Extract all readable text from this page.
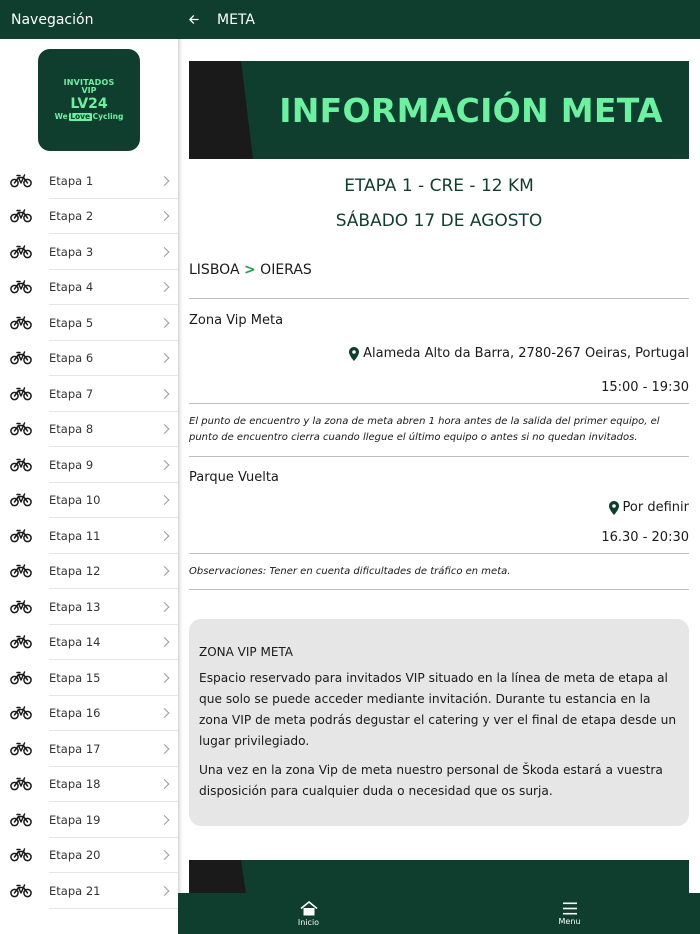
Navegación
INVITADOS
VIP
LV24
We Love Cycling
Etapa 1
Etapa 2
Etapa 3
Etapa 4
Etapa 5
Etapa 6
Etapa 7
Etapa 8
Etapa 9
Etapa 10
Etapa 11
Etapa 12
Etapa 13
Etapa 14
Etapa 15
Etapa 16
Etapa 17
Etapa 18
Etapa 19
Etapa 20
Etapa 21
META
INFORMACIÓN META
ETAPA 1 - CRE - 12 KM
SÁBADO 17 DE AGOSTO
LISBOA > OIERAS
Zona Vip Meta
Alameda Alto da Barra, 2780-267 Oeiras, Portugal
15:00 - 19:30
El punto de encuentro y la zona de meta abren 1 hora antes de la salida del primer equipo, el punto de encuentro cierra cuando llegue el último equipo o antes si no quedan invitados.
Parque Vuelta
Por definir
16.30 - 20:30
Observaciones: Tener en cuenta dificultades de tráfico en meta.
ZONA VIP META

Espacio reservado para invitados VIP situado en la línea de meta de etapa al que solo se puede acceder mediante invitación. Durante tu estancia en la zona VIP de meta podrás degustar el catering y ver el final de etapa desde un lugar privilegiado.

Una vez en la zona Vip de meta nuestro personal de Škoda estará a vuestra disposición para cualquier duda o necesidad que os surja.

Inicio	Menu
